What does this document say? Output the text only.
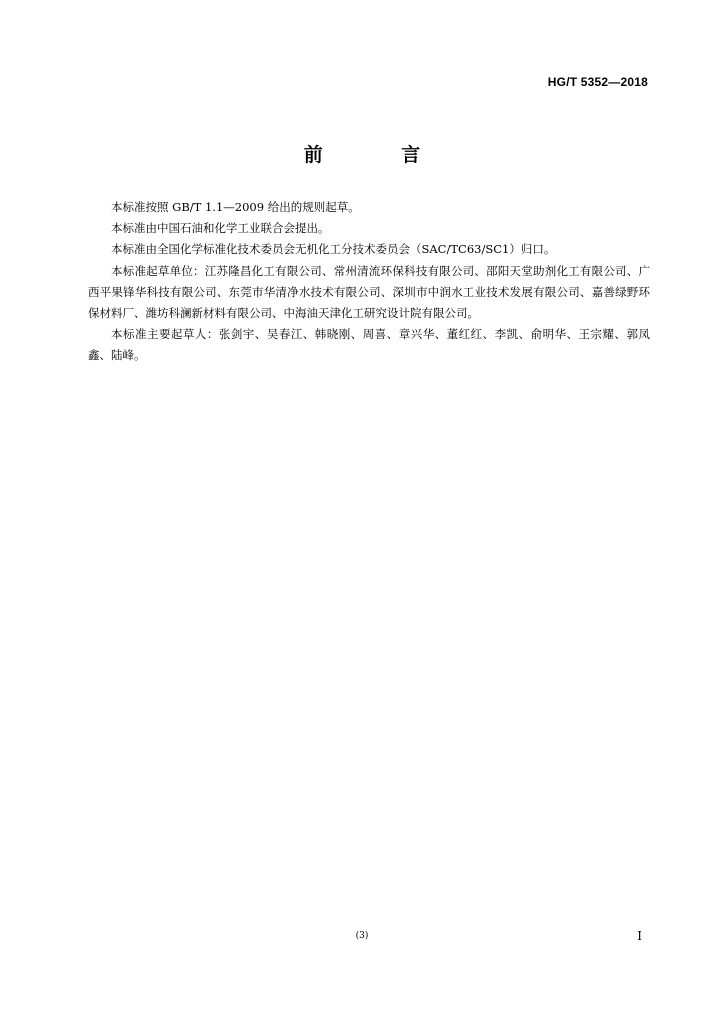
HG/T 5352—2018
前 言

本标准按照 GB/T 1.1—2009 给出的规则起草。

本标准由中国石油和化学工业联合会提出。

本标准由全国化学标准化技术委员会无机化工分技术委员会（SAC/TC63/SC1）归口。

本标准起草单位：江苏隆昌化工有限公司、常州清流环保科技有限公司、邵阳天堂助剂化工有限公司、广西平果锋华科技有限公司、东莞市华清净水技术有限公司、深圳市中润水工业技术发展有限公司、嘉善绿野环保材料厂、潍坊科澜新材料有限公司、中海油天津化工研究设计院有限公司。

本标准主要起草人：张剑宇、吴春江、韩晓刚、周喜、章兴华、董红红、李凯、俞明华、王宗耀、郭凤鑫、陆峰。

(3)	I
